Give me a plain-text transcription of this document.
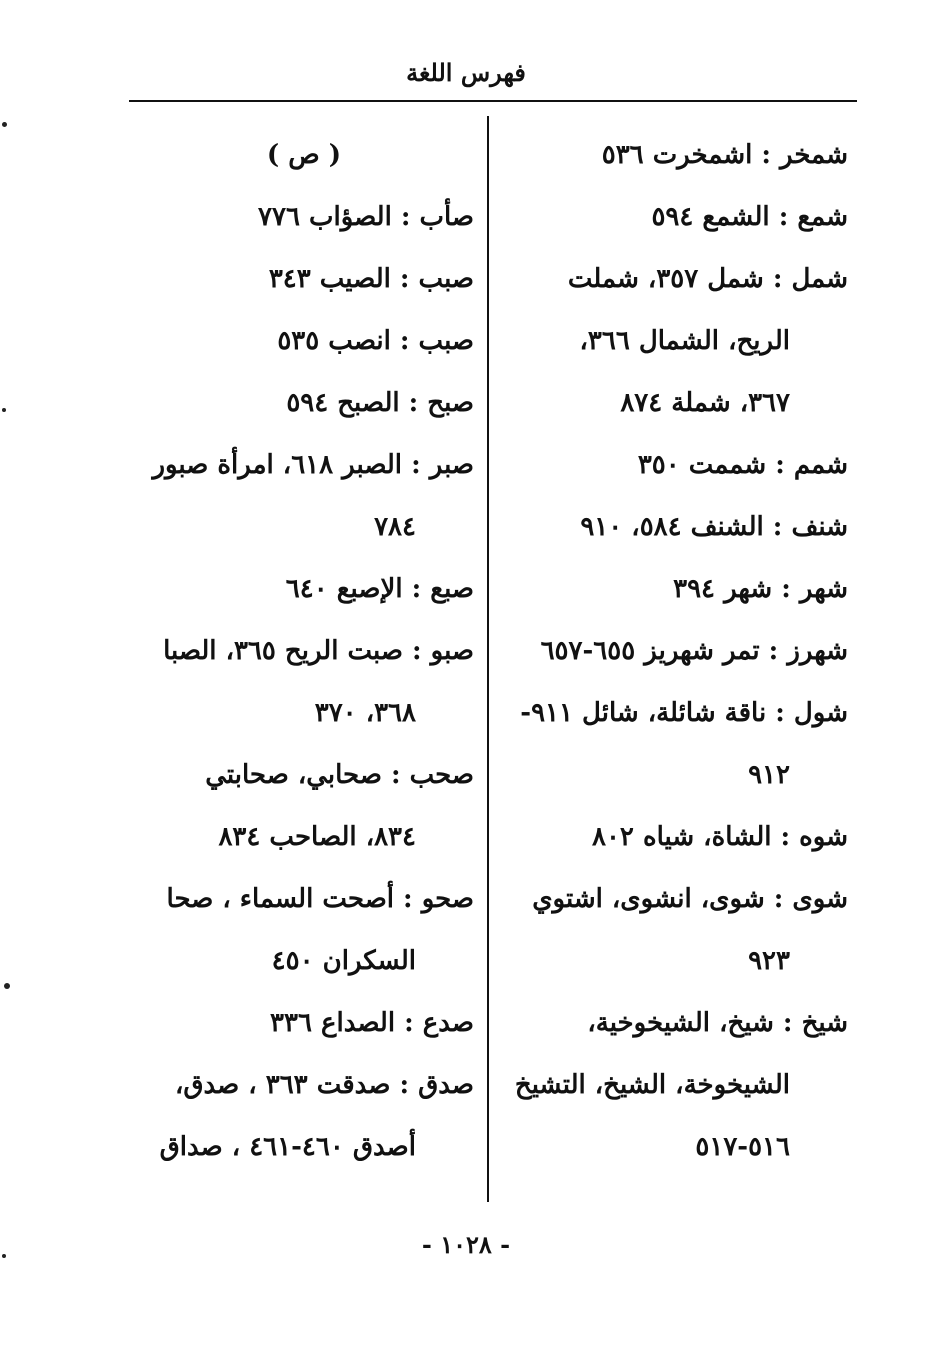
فهرس اللغة
شمخر : اشمخرت ٥٣٦
شمع : الشمع ٥٩٤
شمل : شمل ٣٥٧، شملت
الريح، الشمال ٣٦٦،
٣٦٧، شملة ٨٧٤
شمم : شممت ٣٥٠
شنف : الشنف ٥٨٤، ٩١٠
شهر : شهر ٣٩٤
شهرز : تمر شهريز ٦٥٥-٦٥٧
شول : ناقة شائلة، شائل ٩١١-
٩١٢
شوه : الشاة، شياه ٨٠٢
شوى : شوى، انشوى، اشتوي
٩٢٣
شيخ : شيخ، الشيخوخية،
الشيخوخة، الشيخ، التشيخ
٥١٦-٥١٧
( ص )
صأب : الصؤاب ٧٧٦
صبب : الصيب ٣٤٣
صبب : انصب ٥٣٥
صبح : الصبح ٥٩٤
صبر : الصبر ٦١٨، امرأة صبور
٧٨٤
صبع : الإصبع ٦٤٠
صبو : صبت الريح ٣٦٥، الصبا
٣٦٨، ٣٧٠
صحب : صحابي، صحابتي
٨٣٤، الصاحب ٨٣٤
صحو : أصحت السماء ، صحا
السكران ٤٥٠
صدع : الصداع ٣٣٦
صدق : صدقت ٣٦٣ ، صدق،
أصدق ٤٦٠-٤٦١ ، صداق
- ١٠٢٨ -
